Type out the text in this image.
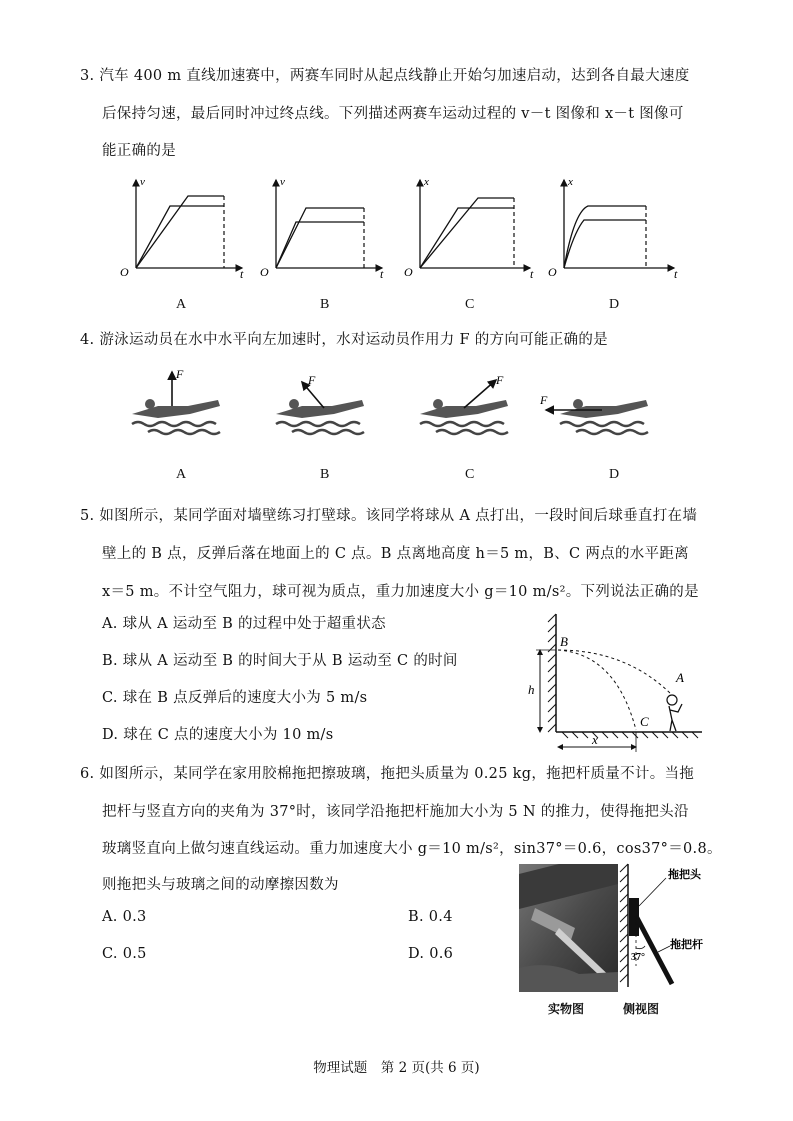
3. 汽车 400 m 直线加速赛中，两赛车同时从起点线静止开始匀加速启动，达到各自最大速度
后保持匀速，最后同时冲过终点线。下列描述两赛车运动过程的 v－t 图像和 x－t 图像可
能正确的是
v
t
O
A
v
t
O
B
x
t
O
C
x
t
O
D
4. 游泳运动员在水中水平向左加速时，水对运动员作用力 F 的方向可能正确的是
F
A
F
B
F
C
F
D
5. 如图所示，某同学面对墙壁练习打壁球。该同学将球从 A 点打出，一段时间后球垂直打在墙
壁上的 B 点，反弹后落在地面上的 C 点。B 点离地高度 h＝5 m，B、C 两点的水平距离
x＝5 m。不计空气阻力，球可视为质点，重力加速度大小 g＝10 m/s²。下列说法正确的是
A. 球从 A 运动至 B 的过程中处于超重状态
B. 球从 A 运动至 B 的时间大于从 B 运动至 C 的时间
C. 球在 B 点反弹后的速度大小为 5 m/s
D. 球在 C 点的速度大小为 10 m/s
B
A
C
h
x
6. 如图所示，某同学在家用胶棉拖把擦玻璃，拖把头质量为 0.25 kg，拖把杆质量不计。当拖
把杆与竖直方向的夹角为 37°时，该同学沿拖把杆施加大小为 5 N 的推力，使得拖把头沿
玻璃竖直向上做匀速直线运动。重力加速度大小 g＝10 m/s²，sin37°＝0.6，cos37°＝0.8。
则拖把头与玻璃之间的动摩擦因数为
A. 0.3	B. 0.4
C. 0.5	D. 0.6
拖把头
拖把杆
37°
实物图	侧视图
物理试题　第 2 页(共 6 页)
